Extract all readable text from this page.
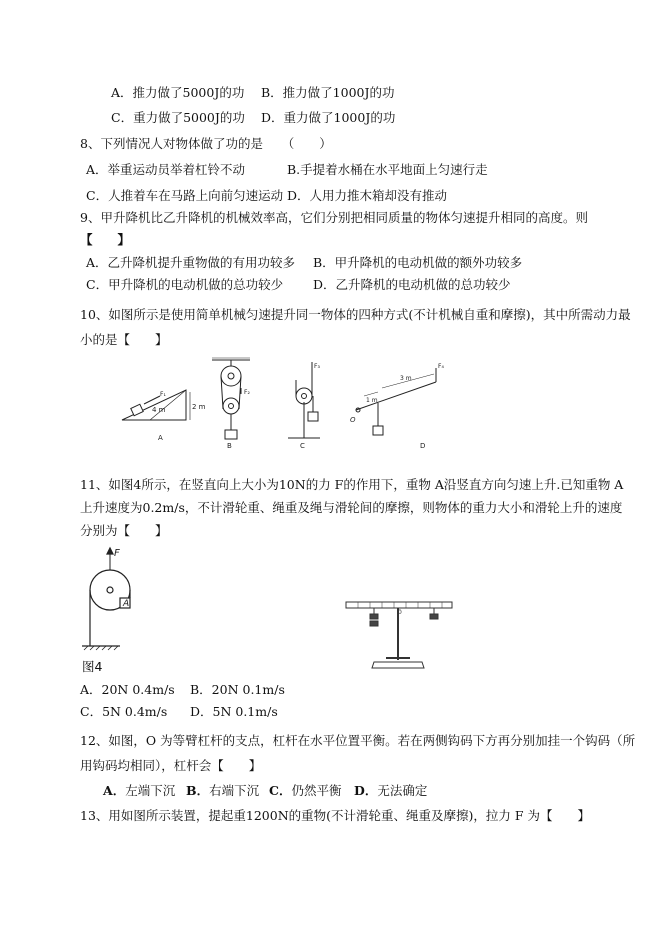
A．推力做了5000J的功 B．推力做了1000J的功
C．重力做了5000J的功 D．重力做了1000J的功
8、下列情况人对物体做了功的是　　（　　）
A．举重运动员举着杠铃不动	B.手提着水桶在水平地面上匀速行走
C．人推着车在马路上向前匀速运动 D．人用力推木箱却没有推动
9、甲升降机比乙升降机的机械效率高，它们分别把相同质量的物体匀速提升相同的高度。则
【　　】
A．乙升降机提升重物做的有用功较多 B．甲升降机的电动机做的额外功较多
C．甲升降机的电动机做的总功较少 D．乙升降机的电动机做的总功较少
10、如图所示是使用简单机械匀速提升同一物体的四种方式(不计机械自重和摩擦)，其中所需动力最
小的是【　　】
2 m
4 m
F₁
A
F₂
B
F₃
C
1 m
3 m
O
F₄
D
11、如图4所示，在竖直向上大小为10N的力 F的作用下，重物 A沿竖直方向匀速上升.已知重物 A
上升速度为0.2m/s，不计滑轮重、绳重及绳与滑轮间的摩擦，则物体的重力大小和滑轮上升的速度
分别为【　　】
F
A
图4
0
A．20N 0.4m/s B．20N 0.1m/s
C．5N 0.4m/s D．5N 0.1m/s
12、如图，O 为等臂杠杆的支点，杠杆在水平位置平衡。若在两侧钩码下方再分别加挂一个钩码（所
用钩码均相同），杠杆会【　　】
A．左端下沉 B．右端下沉 C．仍然平衡 D．无法确定
13、用如图所示装置，提起重1200N的重物(不计滑轮重、绳重及摩擦)，拉力 F 为【　　】
